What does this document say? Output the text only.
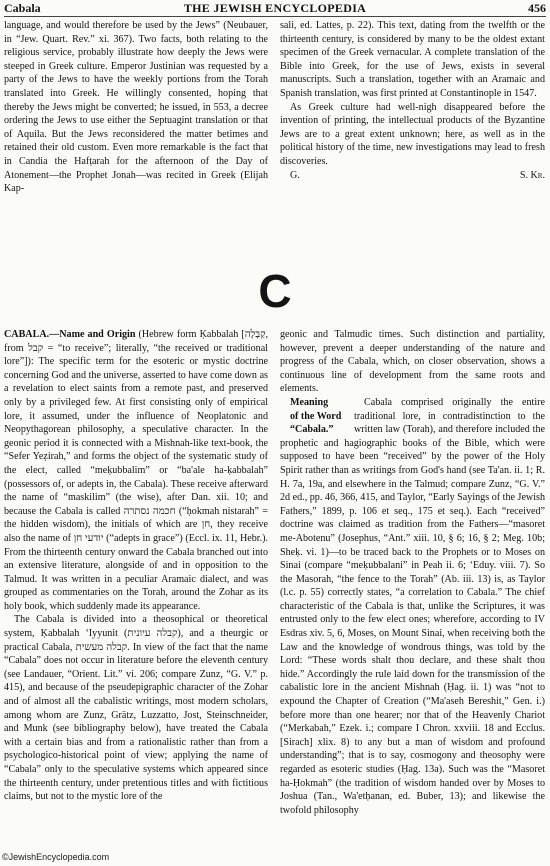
Cabala	THE JEWISH ENCYCLOPEDIA	456

language, and would therefore be used by the Jews” (Neubauer, in “Jew. Quart. Rev.” xi. 367). Two facts, both relating to the religious service, probably illustrate how deeply the Jews were steeped in Greek culture. Emperor Justinian was requested by a party of the Jews to have the weekly portions from the Torah translated into Greek. He willingly consented, hoping that thereby the Jews might be converted; he issued, in 553, a decree ordering the Jews to use either the Septuagint translation or that of Aquila. But the Jews reconsidered the matter betimes and retained their old custom. Even more remarkable is the fact that in Candia the Hafṭarah for the afternoon of the Day of Atonement—the Prophet Jonah—was recited in Greek (Elijah Kap-

sali, ed. Lattes, p. 22). This text, dating from the twelfth or the thirteenth century, is considered by many to be the oldest extant specimen of the Greek vernacular. A complete translation of the Bible into Greek, for the use of Jews, exists in several manuscripts. Such a translation, together with an Aramaic and Spanish translation, was first printed at Constantinople in 1547.

As Greek culture had well-nigh disappeared before the invention of printing, the intellectual products of the Byzantine Jews are to a great extent unknown; here, as well as in the political history of the time, new investigations may lead to fresh discoveries.

G.	S. Kr.
C

CABALA.—Name and Origin (Hebrew form Ḳabbalah [קַבָּלָה, from קבל = “to receive”; literally, “the received or traditional lore”]): The specific term for the esoteric or mystic doctrine concerning God and the universe, asserted to have come down as a revelation to elect saints from a remote past, and preserved only by a privileged few. At first consisting only of empirical lore, it assumed, under the influence of Neoplatonic and Neopythagorean philosophy, a speculative character. In the geonic period it is connected with a Mishnah-like text-book, the “Sefer Yeẓirah,” and forms the object of the systematic study of the elect, called “meḳubbalim” or “ba'ale ha-ḳabbalah” (possessors of, or adepts in, the Cabala). These receive afterward the name of “maskilim” (the wise), after Dan. xii. 10; and because the Cabala is called חכמה נסתרה (“ḥokmah nistarah” = the hidden wisdom), the initials of which are חן, they receive also the name of יודעי חן (“adepts in grace”) (Eccl. ix. 11, Hebr.). From the thirteenth century onward the Cabala branched out into an extensive literature, alongside of and in opposition to the Talmud. It was written in a peculiar Aramaic dialect, and was grouped as commentaries on the Torah, around the Zohar as its holy book, which suddenly made its appearance.

The Cabala is divided into a theosophical or theoretical system, Ḳabbalah ‘Iyyunit (קבלה עיונית), and a theurgic or practical Cabala, קבלה מעשית. In view of the fact that the name “Cabala” does not occur in literature before the eleventh century (see Landauer, “Orient. Lit.” vi. 206; compare Zunz, “G. V.” p. 415), and because of the pseudepigraphic character of the Zohar and of almost all the cabalistic writings, most modern scholars, among whom are Zunz, Grätz, Luzzatto, Jost, Steinschneider, and Munk (see bibliography below), have treated the Cabala with a certain bias and from a rationalistic rather than from a psychologico-historical point of view; applying the name of “Cabala” only to the speculative systems which appeared since the thirteenth century, under pretentious titles and with fictitious claims, but not to the mystic lore of the

geonic and Talmudic times. Such distinction and partiality, however, prevent a deeper understanding of the nature and progress of the Cabala, which, on closer observation, shows a continuous line of development from the same roots and elements.

Meaning
of the Word
“Cabala.”
Cabala comprised originally the entire traditional lore, in contradistinction to the written law (Torah), and therefore included the prophetic and hagiographic books of the Bible, which were supposed to have been “received” by the power of the Holy Spirit rather than as writings from God's hand (see Ta'an. ii. 1; R. H. 7a, 19a, and elsewhere in the Talmud; compare Zunz, “G. V.” 2d ed., pp. 46, 366, 415, and Taylor, “Early Sayings of the Jewish Fathers,” 1899, p. 106 et seq., 175 et seq.). Each “received” doctrine was claimed as tradition from the Fathers—“masoret me-Abotenu” (Josephus, “Ant.” xiii. 10, § 6; 16, § 2; Meg. 10b; Sheḳ. vi. 1)—to be traced back to the Prophets or to Moses on Sinai (compare “meḳubbalani” in Peah ii. 6; ‘Eduy. viii. 7). So the Masorah, “the fence to the Torah” (Ab. iii. 13) is, as Taylor (l.c. p. 55) correctly states, “a correlation to Cabala.” The chief characteristic of the Cabala is that, unlike the Scriptures, it was entrusted only to the few elect ones; wherefore, according to IV Esdras xiv. 5, 6, Moses, on Mount Sinai, when receiving both the Law and the knowledge of wondrous things, was told by the Lord: “These words shalt thou declare, and these shalt thou hide.” Accordingly the rule laid down for the transmission of the cabalistic lore in the ancient Mishnah (Ḥag. ii. 1) was “not to expound the Chapter of Creation (“Ma'aseh Bereshit,” Gen. i.) before more than one hearer; nor that of the Heavenly Chariot (“Merkabah,” Ezek. i.; compare I Chron. xxviii. 18 and Ecclus. [Sirach] xlix. 8) to any but a man of wisdom and profound understanding”; that is to say, cosmogony and theosophy were regarded as esoteric studies (Ḥag. 13a). Such was the “Masoret ha-Ḥokmah” (the tradition of wisdom handed over by Moses to Joshua (Tan., Wa'etḥanan, ed. Buber, 13); and likewise the twofold philosophy

©JewishEncyclopedia.com
